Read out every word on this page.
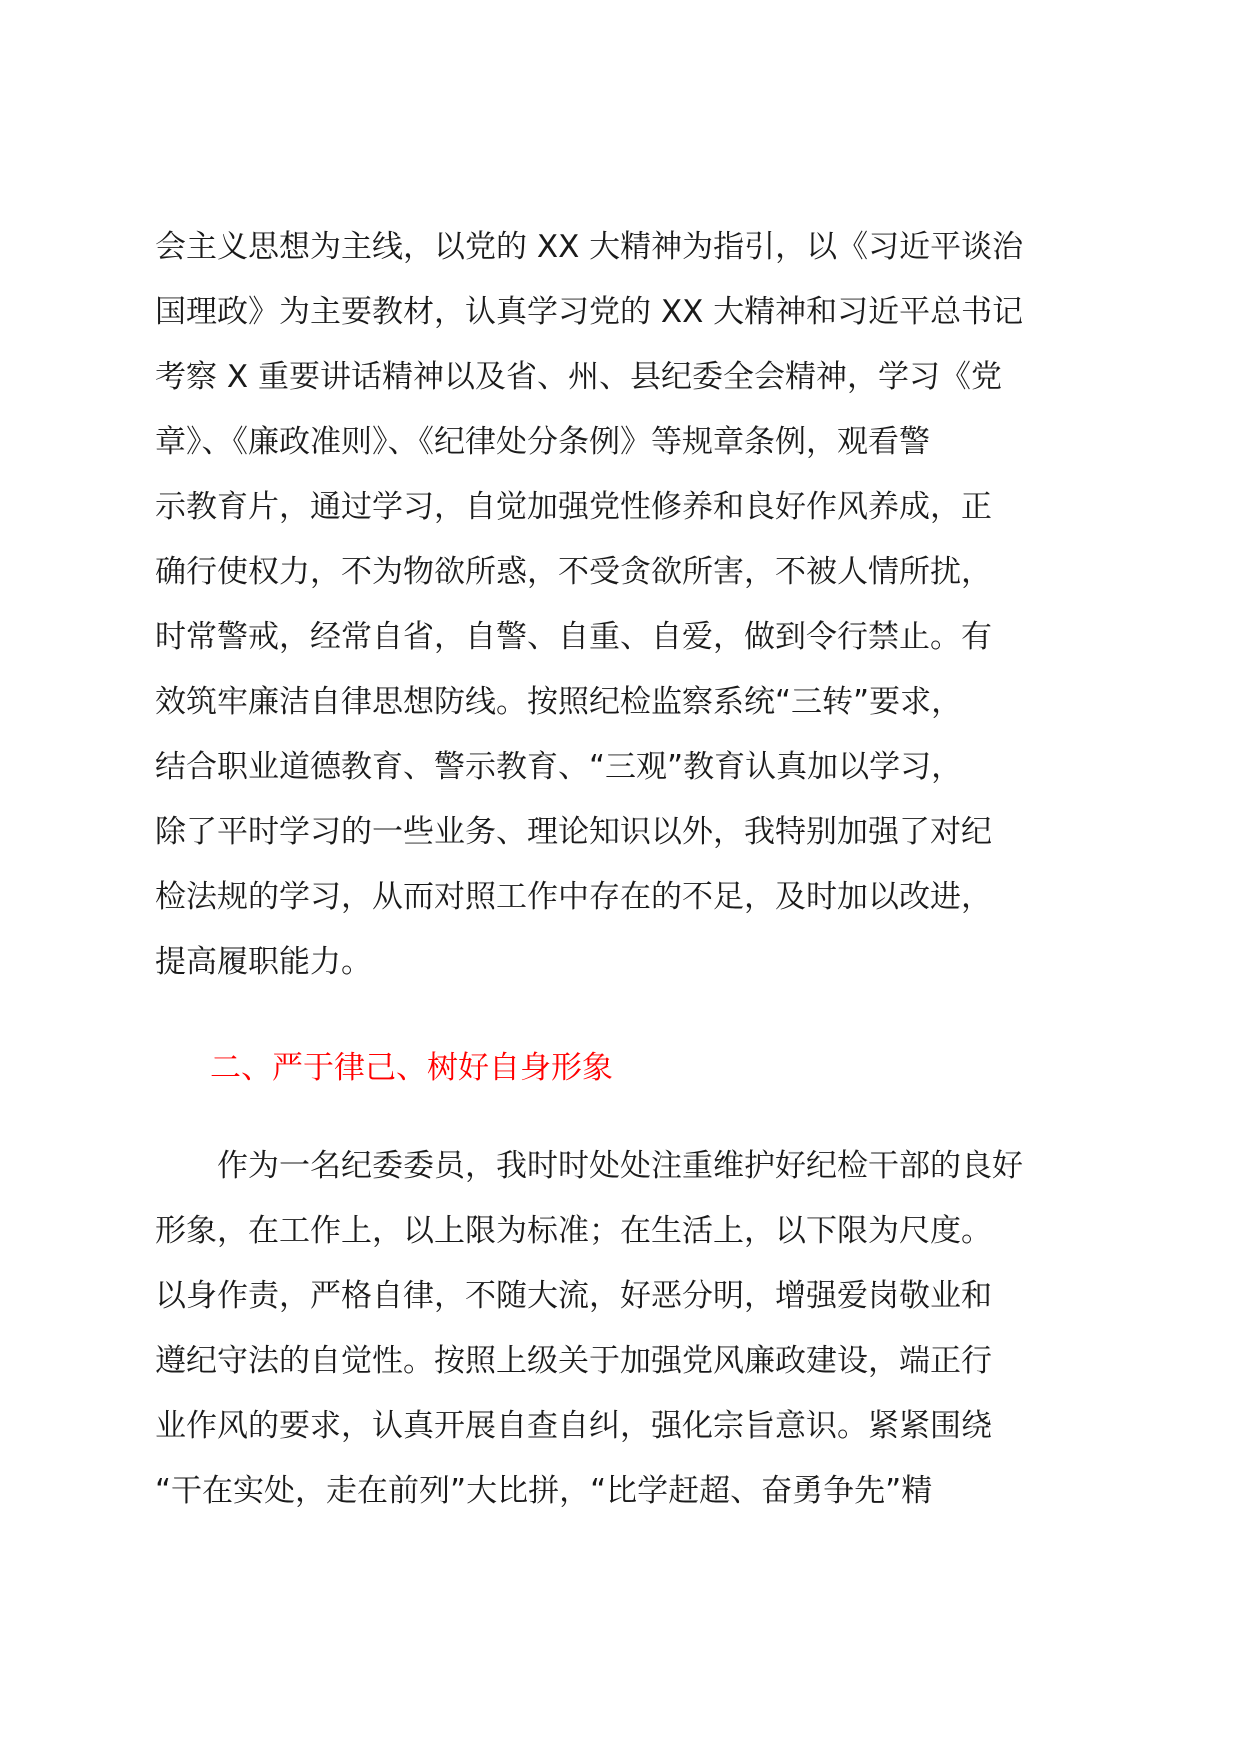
会主义思想为主线，以党的 XX 大精神为指引，以《习近平谈治
国理政》为主要教材，认真学习党的 XX 大精神和习近平总书记
考察 X 重要讲话精神以及省、州、县纪委全会精神，学习《党
章》、《廉政准则》、《纪律处分条例》等规章条例，观看警
示教育片，通过学习，自觉加强党性修养和良好作风养成，正
确行使权力，不为物欲所惑，不受贪欲所害，不被人情所扰，
时常警戒，经常自省，自警、自重、自爱，做到令行禁止。有
效筑牢廉洁自律思想防线。按照纪检监察系统“三转”要求，
结合职业道德教育、警示教育、“三观”教育认真加以学习，
除了平时学习的一些业务、理论知识以外，我特别加强了对纪
检法规的学习，从而对照工作中存在的不足，及时加以改进，
提高履职能力。
二、严于律己、树好自身形象
　　作为一名纪委委员，我时时处处注重维护好纪检干部的良好
形象，在工作上，以上限为标准；在生活上，以下限为尺度。
以身作责，严格自律，不随大流，好恶分明，增强爱岗敬业和
遵纪守法的自觉性。按照上级关于加强党风廉政建设，端正行
业作风的要求，认真开展自查自纠，强化宗旨意识。紧紧围绕
“干在实处，走在前列”大比拼，“比学赶超、奋勇争先”精
